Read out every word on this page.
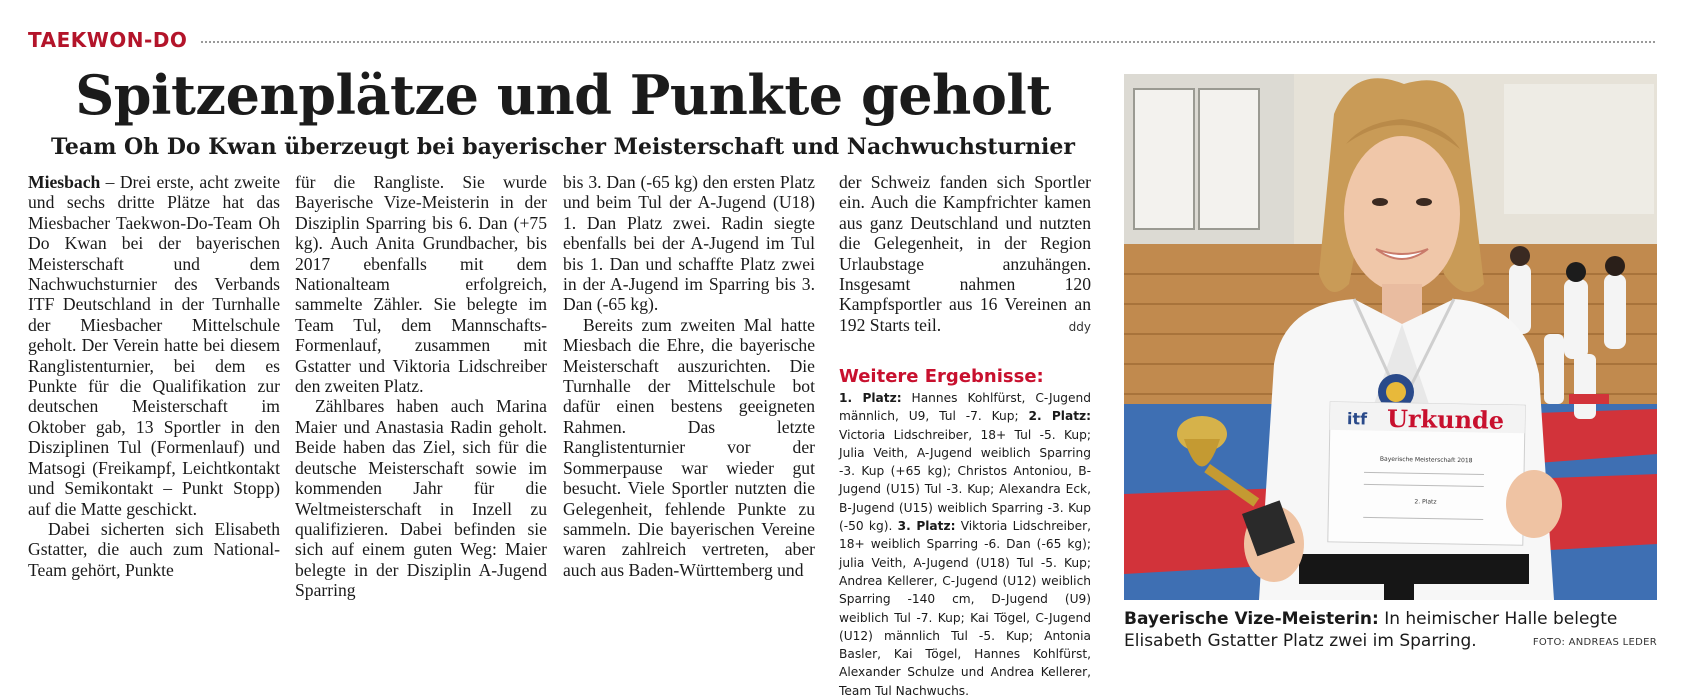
TAEKWON-DO
Spitzenplätze und Punkte geholt
Team Oh Do Kwan überzeugt bei bayerischer Meisterschaft und Nachwuchsturnier

Miesbach – Drei erste, acht zweite und sechs dritte Plätze hat das Miesbacher Taekwon-Do-Team Oh Do Kwan bei der bayerischen Meisterschaft und dem Nachwuchsturnier des Verbands ITF Deutschland in der Turnhalle der Miesbacher Mittelschule geholt. Der Verein hatte bei diesem Ranglistenturnier, bei dem es Punkte für die Qualifikation zur deutschen Meisterschaft im Oktober gab, 13 Sportler in den Disziplinen Tul (Formenlauf) und Matsogi (Freikampf, Leichtkontakt und Semikontakt – Punkt Stopp) auf die Matte geschickt.

Dabei sicherten sich Elisabeth Gstatter, die auch zum National-Team gehört, Punkte

für die Rangliste. Sie wurde Bayerische Vize-Meisterin in der Disziplin Sparring bis 6. Dan (+75 kg). Auch Anita Grundbacher, bis 2017 ebenfalls mit dem Nationalteam erfolgreich, sammelte Zähler. Sie belegte im Team Tul, dem Mannschafts-Formenlauf, zusammen mit Gstatter und Viktoria Lidschreiber den zweiten Platz.

Zählbares haben auch Marina Maier und Anastasia Radin geholt. Beide haben das Ziel, sich für die deutsche Meisterschaft sowie im kommenden Jahr für die Weltmeisterschaft in Inzell zu qualifizieren. Dabei befinden sie sich auf einem guten Weg: Maier belegte in der Disziplin A-Jugend Sparring

bis 3. Dan (-65 kg) den ersten Platz und beim Tul der A-Jugend (U18) 1. Dan Platz zwei. Radin siegte ebenfalls bei der A-Jugend im Tul bis 1. Dan und schaffte Platz zwei in der A-Jugend im Sparring bis 3. Dan (-65 kg).

Bereits zum zweiten Mal hatte Miesbach die Ehre, die bayerische Meisterschaft auszurichten. Die Turnhalle der Mittelschule bot dafür einen bestens geeigneten Rahmen. Das letzte Ranglistenturnier vor der Sommerpause war wieder gut besucht. Viele Sportler nutzten die Gelegenheit, fehlende Punkte zu sammeln. Die bayerischen Vereine waren zahlreich vertreten, aber auch aus Baden-Württemberg und

der Schweiz fanden sich Sportler ein. Auch die Kampfrichter kamen aus ganz Deutschland und nutzten die Gelegenheit, in der Region Urlaubstage anzuhängen. Insgesamt nahmen 120 Kampfsportler aus 16 Vereinen an 192 Starts teil.	ddy

Weitere Ergebnisse:
1. Platz: Hannes Kohlfürst, C-Jugend männlich, U9, Tul -7. Kup; 2. Platz: Victoria Lidschreiber, 18+ Tul -5. Kup; Julia Veith, A-Jugend weiblich Sparring -3. Kup (+65 kg); Christos Antoniou, B-Jugend (U15) Tul -3. Kup; Alexandra Eck, B-Jugend (U15) weiblich Sparring -3. Kup (-50 kg). 3. Platz: Viktoria Lidschreiber, 18+ weiblich Sparring -6. Dan (-65 kg); julia Veith, A-Jugend (U18) Tul -5. Kup; Andrea Kellerer, C-Jugend (U12) weiblich Sparring -140 cm, D-Jugend (U9) weiblich Tul -7. Kup; Kai Tögel, C-Jugend (U12) männlich Tul -5. Kup; Antonia Basler, Kai Tögel, Hannes Kohlfürst, Alexander Schulze und Andrea Kellerer, Team Tul Nachwuchs.
itf Urkunde
Bayerische Meisterschaft 2018
2. Platz
Bayerische Vize-Meisterin: In heimischer Halle belegte Elisabeth Gstatter Platz zwei im Sparring.	FOTO: ANDREAS LEDER
